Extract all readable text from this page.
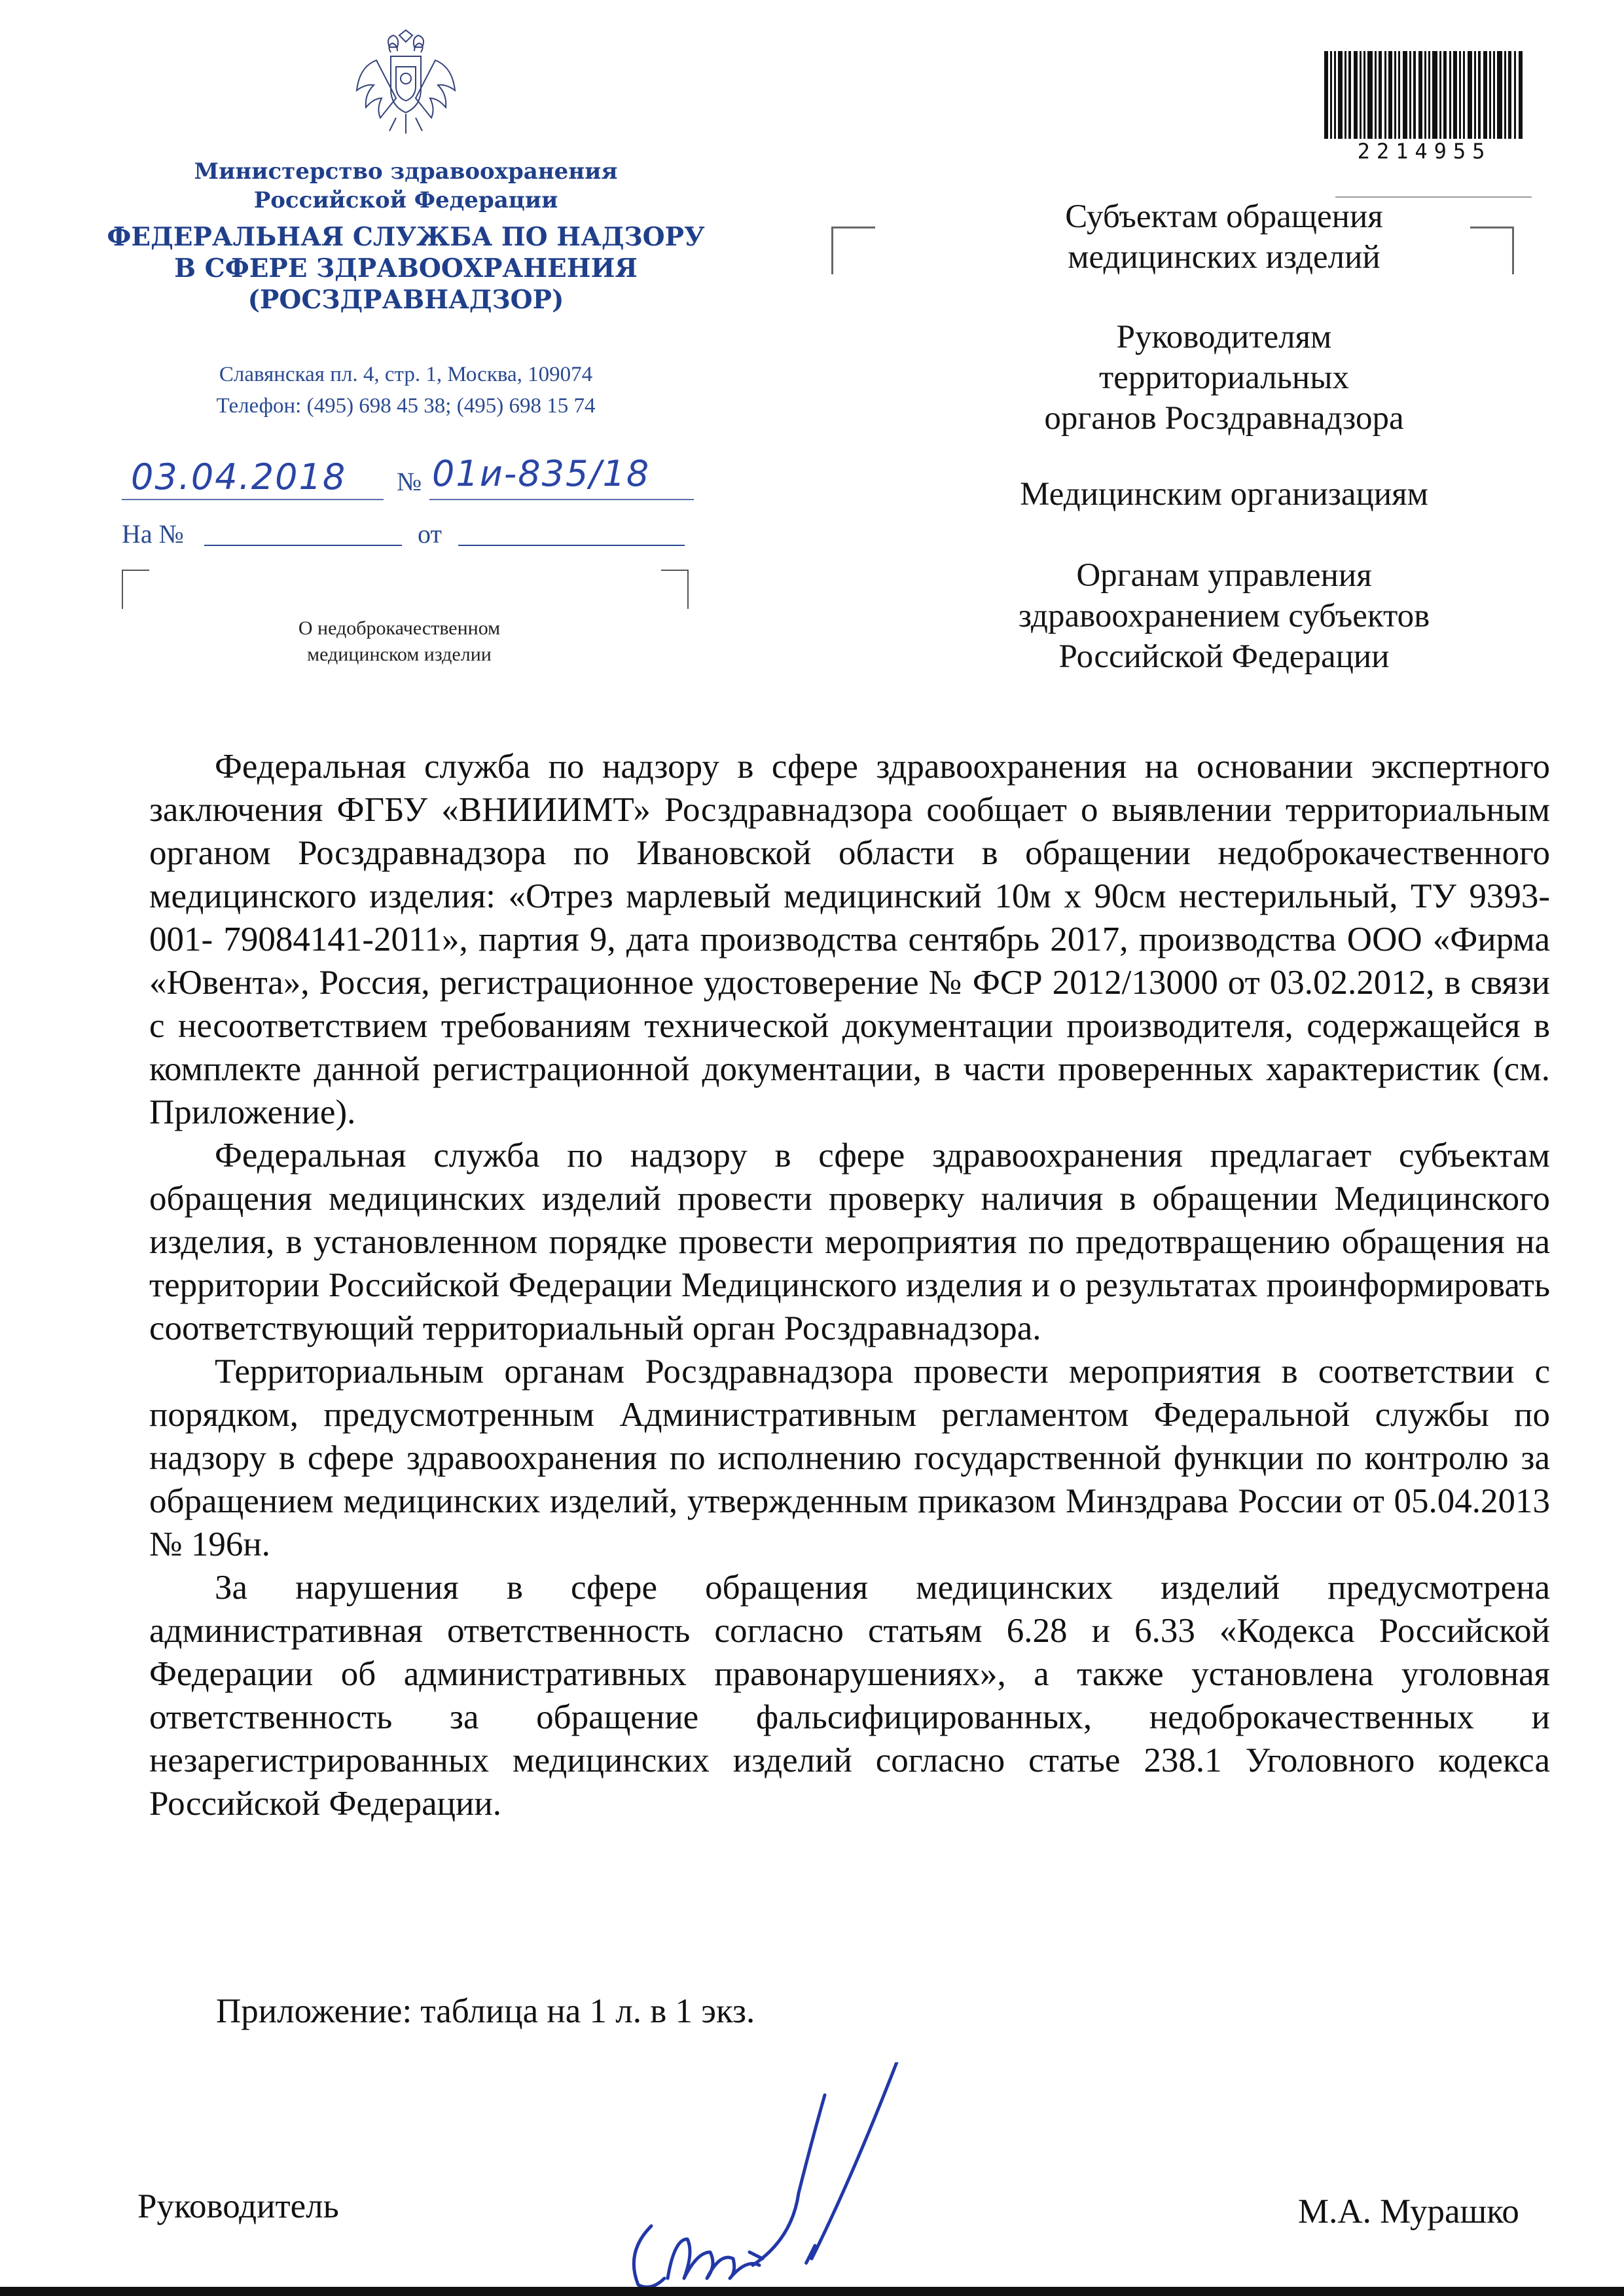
Министерство здравоохранения
Российской Федерации
ФЕДЕРАЛЬНАЯ СЛУЖБА ПО НАДЗОРУ
В СФЕРЕ ЗДРАВООХРАНЕНИЯ
(РОСЗДРАВНАДЗОР)
Славянская пл. 4, стр. 1, Москва, 109074
Телефон: (495) 698 45 38; (495) 698 15 74
03.04.2018 № 01и-835/18
На №	от
О недоброкачественном
медицинском изделии
2214955
Субъектам обращения
медицинских изделий
Руководителям
территориальных
органов Росздравнадзора
Медицинским организациям
Органам управления
здравоохранением субъектов
Российской Федерации

Федеральная служба по надзору в сфере здравоохранения на основании экспертного заключения ФГБУ «ВНИИИМТ» Росздравнадзора сообщает о выявлении территориальным органом Росздравнадзора по Ивановской области в обращении недоброкачественного медицинского изделия: «Отрез марлевый медицинский 10м х 90см нестерильный, ТУ 9393-001- 79084141-2011», партия 9, дата производства сентябрь 2017, производства ООО «Фирма «Ювента», Россия, регистрационное удостоверение № ФСР 2012/13000 от 03.02.2012, в связи с несоответствием требованиям технической документации производителя, содержащейся в комплекте данной регистрационной документации, в части проверенных характеристик (см. Приложение).

Федеральная служба по надзору в сфере здравоохранения предлагает субъектам обращения медицинских изделий провести проверку наличия в обращении Медицинского изделия, в установленном порядке провести мероприятия по предотвращению обращения на территории Российской Федерации Медицинского изделия и о результатах проинформировать соответствующий территориальный орган Росздравнадзора.

Территориальным органам Росздравнадзора провести мероприятия в соответствии с порядком, предусмотренным Административным регламентом Федеральной службы по надзору в сфере здравоохранения по исполнению государственной функции по контролю за обращением медицинских изделий, утвержденным приказом Минздрава России от 05.04.2013 № 196н.

За нарушения в сфере обращения медицинских изделий предусмотрена административная ответственность согласно статьям 6.28 и 6.33 «Кодекса Российской Федерации об административных правонарушениях», а также установлена уголовная ответственность за обращение фальсифицированных, недоброкачественных и незарегистрированных медицинских изделий согласно статье 238.1 Уголовного кодекса Российской Федерации.

Приложение: таблица на 1 л. в 1 экз.
Руководитель	М.А. Мурашко
